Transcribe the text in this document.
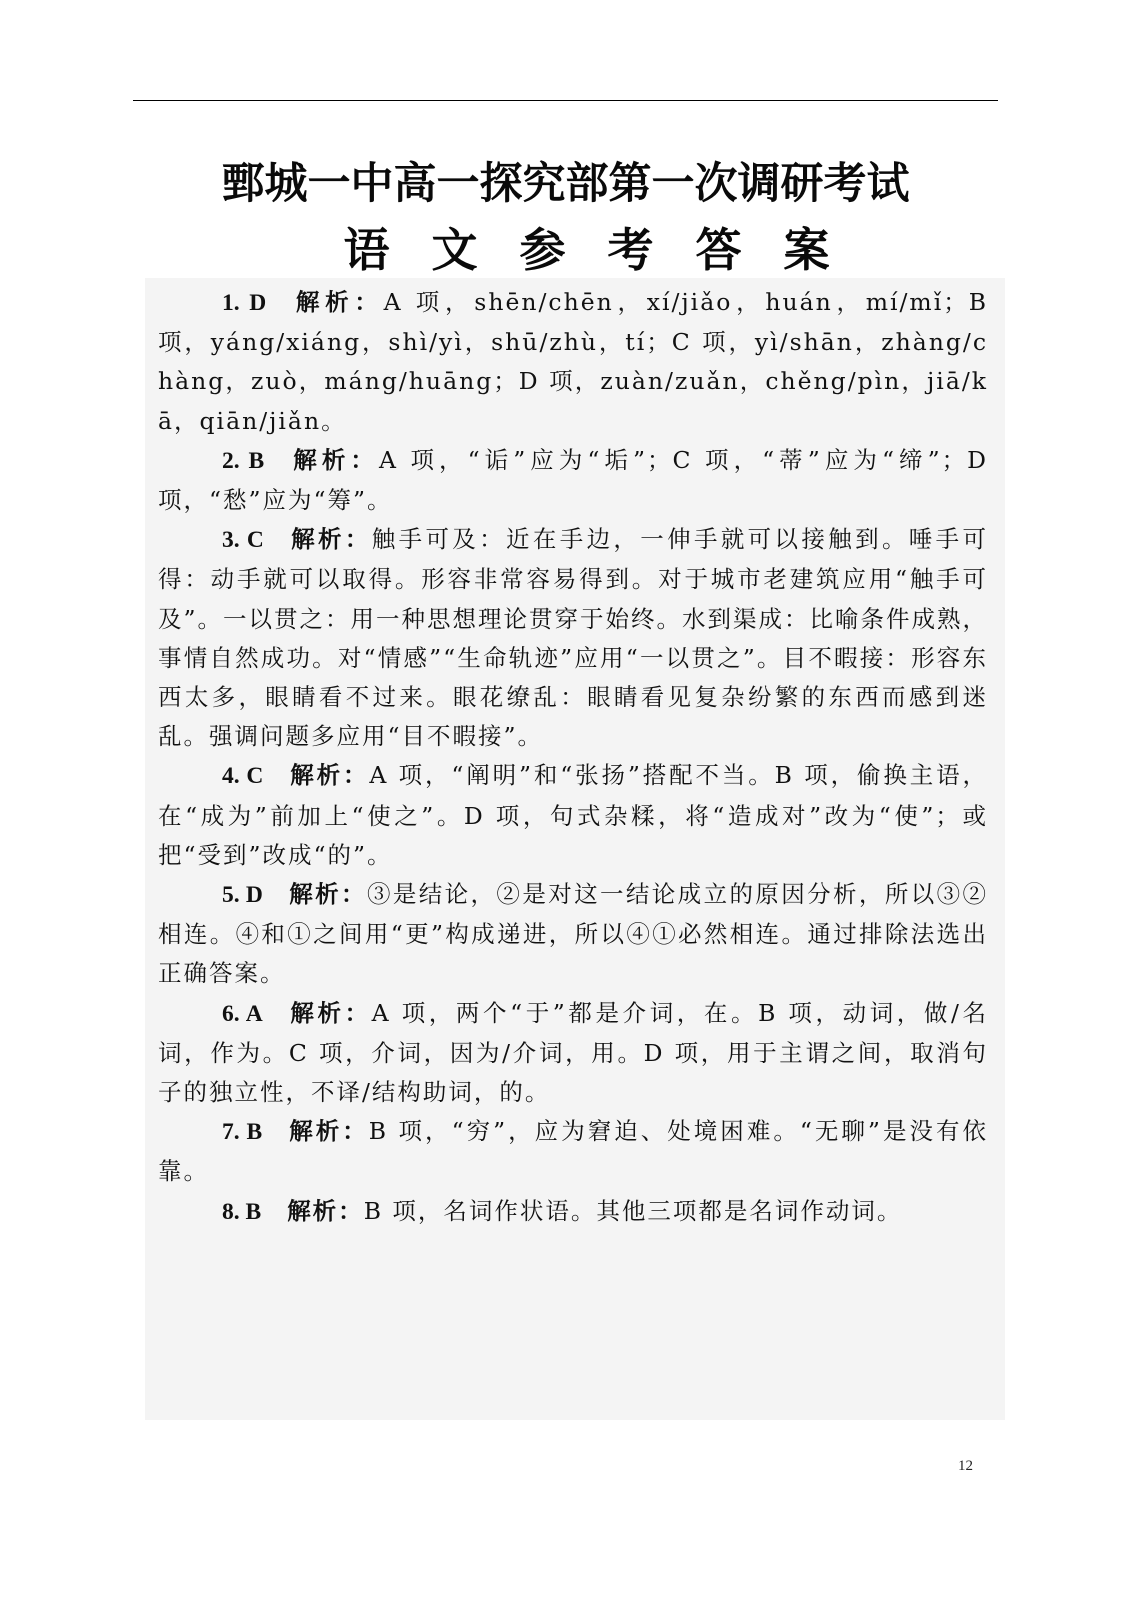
鄄城一中高一探究部第一次调研考试
语文参考答案

1. D 解析：A 项，shēn/chēn，xí/jiǎo，huán，mí/mǐ；B 项，yáng/xiáng，shì/yì，shū/zhù，tí；C 项，yì/shān，zhàng/chàng，zuò，máng/huāng；D 项，zuàn/zuǎn，chěng/pìn，jiā/kā，qiān/jiǎn。

2. B 解析：A 项，“诟”应为“垢”；C 项，“蒂”应为“缔”；D 项，“愁”应为“筹”。

3. C 解析：触手可及：近在手边，一伸手就可以接触到。唾手可得：动手就可以取得。形容非常容易得到。对于城市老建筑应用“触手可及”。一以贯之：用一种思想理论贯穿于始终。水到渠成：比喻条件成熟，事情自然成功。对“情感”“生命轨迹”应用“一以贯之”。目不暇接：形容东西太多，眼睛看不过来。眼花缭乱：眼睛看见复杂纷繁的东西而感到迷乱。强调问题多应用“目不暇接”。

4. C 解析：A 项，“阐明”和“张扬”搭配不当。B 项，偷换主语，在“成为”前加上“使之”。D 项，句式杂糅，将“造成对”改为“使”；或把“受到”改成“的”。

5. D 解析：③是结论，②是对这一结论成立的原因分析，所以③②相连。④和①之间用“更”构成递进，所以④①必然相连。通过排除法选出正确答案。

6. A 解析：A 项，两个“于”都是介词，在。B 项，动词，做/名词，作为。C 项，介词，因为/介词，用。D 项，用于主谓之间，取消句子的独立性，不译/结构助词，的。

7. B 解析：B 项，“穷”，应为窘迫、处境困难。“无聊”是没有依靠。

8. B 解析：B 项，名词作状语。其他三项都是名词作动词。

12
